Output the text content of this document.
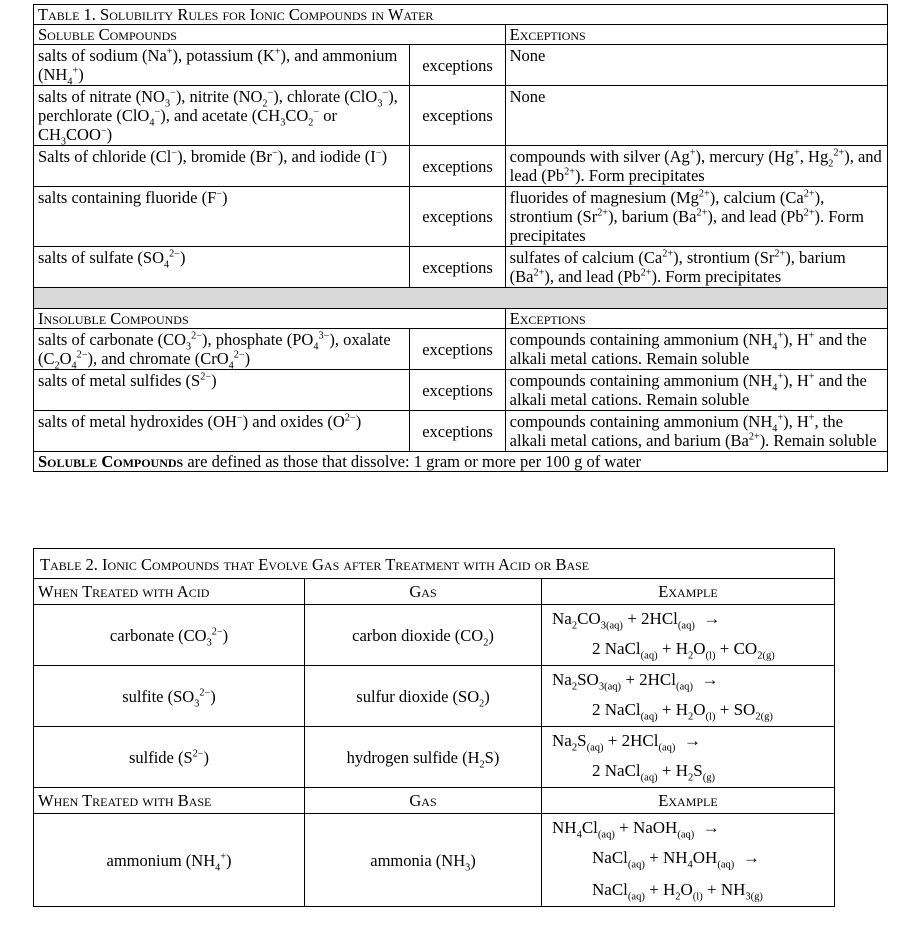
Table 1. Solubility Rules for Ionic Compounds in Water		
Soluble Compounds		Exceptions
salts of sodium (Na+), potassium (K+), and ammonium $(NH_4^+)$	exceptions	None
salts of nitrate $(NO_3^-)$, nitrite $(NO_2^-)$, chlorate (ClO$_3$−), perchlorate (ClO$_4$−), and acetate ($CH_3CO_2^-$ or $CH_3COO^-$)	exceptions	None
Salts of chloride (Cl−), bromide (Br−), and iodide (I−)	exceptions	compounds with silver (Ag+), mercury (Hg+, $Hg_2^{2+}$), and lead $(Pb^{2+})$. Form precipitates
salts containing fluoride (F−)	exceptions	fluorides of magnesium $(Mg^{2+})$, calcium $(Ca^{2+})$, strontium $(Sr^{2+})$, barium $(Ba^{2+})$, and lead $(Pb^{2+})$. Form precipitates
salts of sulfate $(SO_4^{2-})$	exceptions	sulfates of calcium $(Ca^{2+})$, strontium $(Sr^{2+})$, barium $(Ba^{2+})$, and lead $(Pb^{2+})$. Form precipitates

Insoluble Compounds		Exceptions
salts of carbonate $(CO_3^{2-})$, phosphate $(PO_4^{3-})$, oxalate $(C_2O_4^{2-})$, and chromate (CrO$_4^{2-}$)	exceptions	compounds containing ammonium $(NH_4^+)$, H+ and the alkali metal cations. Remain soluble
salts of metal sulfides $(S^{2-})$	exceptions	compounds containing ammonium $(NH_4^+)$, H+ and the alkali metal cations. Remain soluble
salts of metal hydroxides (OH−) and oxides $(O^{2-})$	exceptions	compounds containing ammonium $(NH_4^+)$, H+, the alkali metal cations, and barium $(Ba^{2+})$. Remain soluble
Soluble Compounds are defined as those that dissolve: 1 gram or more per 100 g of water		
Table 2. Ionic Compounds that Evolve Gas after Treatment with Acid or Base		
When Treated with Acid	Gas	Example
carbonate $(CO_3^{2-})$	carbon dioxide $(CO_2)$	$Na_2CO_{3(aq)} + 2HCl_{(aq)}$  →
2 NaCl$_{(aq)}$ + $H_2O_{(l)} + CO_{2(g)}$

sulfite $(SO_3^{2-})$	sulfur dioxide $(SO_2)$	$Na_2SO_{3(aq)} + 2HCl_{(aq)}$  →
2 NaCl$_{(aq)}$ + $H_2O_{(l)} + SO_{2(g)}$

sulfide $(S^{2-})$	hydrogen sulfide $(H_2S)$	$Na_2S_{(aq)} + 2HCl_{(aq)}$  →
2 NaCl$_{(aq)}$ + $H_2S_{(g)}$

When Treated with Base	Gas	Example
ammonium $(NH_4^+)$	ammonia $(NH_3)$	$NH_4Cl_{(aq)}$ + NaOH$_{(aq)}$  →
NaCl$_{(aq)}$ + $NH_4OH_{(aq)}$  →
NaCl$_{(aq)}$ + $H_2O_{(l)} + NH_{3(g)}$
